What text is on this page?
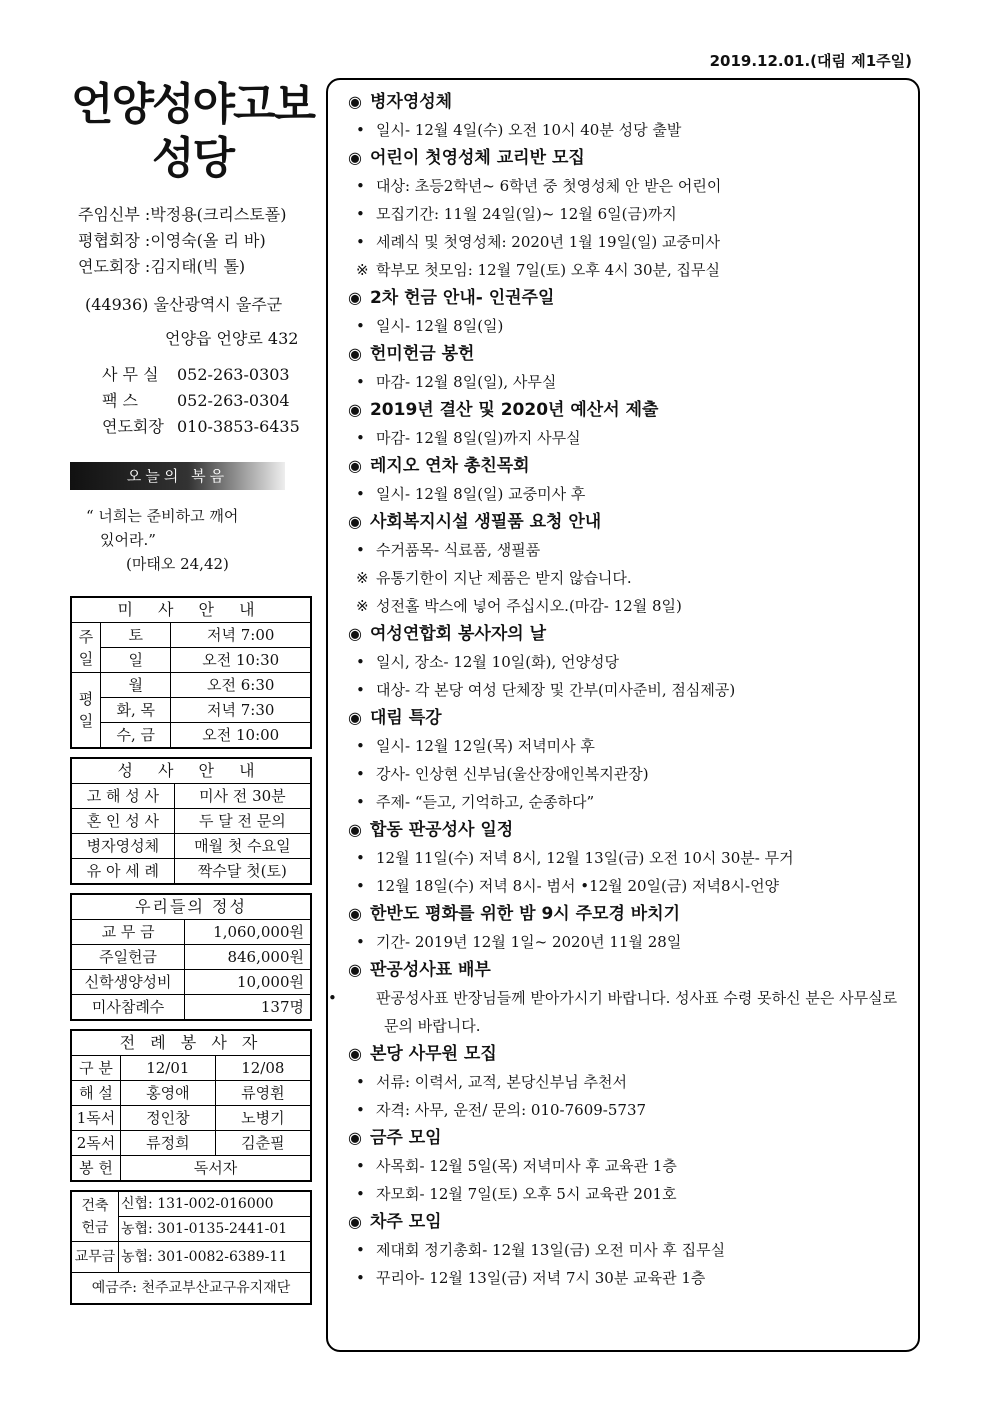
2019.12.01.(대림 제1주일)
언양성야고보
성당
주임신부 :박정용(크리스토폴)
평협회장 :이영숙(올 리 바)
연도회장 :김지태(빅 톨)
(44936) 울산광역시 울주군
언양읍 언양로 432
사 무 실 052-263-0303
팩 스 052-263-0304
연도회장 010-3853-6435
오늘의 복음
“ 너희는 준비하고 깨어
있어라.”
(마태오 24,42)
미 사 안 내		
주일	토	저녁 7:00
	일	오전 10:30
평일	월	오전 6:30
	화, 목	저녁 7:30
	수, 금	오전 10:00
성 사 안 내	
고 해 성 사	미사 전 30분
혼 인 성 사	두 달 전 문의
병자영성체	매월 첫 수요일
유 아 세 례	짝수달 첫(토)
우리들의 정성	
교 무 금	1,060,000원
주일헌금	846,000원
신학생양성비	10,000원
미사참례수	137명
전 례 봉 사 자		
구 분	12/01	12/08
해 설	홍영애	류영휜
1독서	정인창	노병기
2독서	류정희	김춘필
봉 헌	독서자	
건축
헌금	신협: 131-002-016000
	농협: 301-0135-2441-01
교무금	농협: 301-0082-6389-11
예금주: 천주교부산교구유지재단	
◉ 병자영성체
• 일시- 12월 4일(수) 오전 10시 40분 성당 출발
◉ 어린이 첫영성체 교리반 모집
• 대상: 초등2학년~ 6학년 중 첫영성체 안 받은 어린이
• 모집기간: 11월 24일(일)~ 12월 6일(금)까지
• 세례식 및 첫영성체: 2020년 1월 19일(일) 교중미사
※ 학부모 첫모임: 12월 7일(토) 오후 4시 30분, 집무실
◉ 2차 헌금 안내- 인권주일
• 일시- 12월 8일(일)
◉ 헌미헌금 봉헌
• 마감- 12월 8일(일), 사무실
◉ 2019년 결산 및 2020년 예산서 제출
• 마감- 12월 8일(일)까지 사무실
◉ 레지오 연차 총친목회
• 일시- 12월 8일(일) 교중미사 후
◉ 사회복지시설 생필품 요청 안내
• 수거품목- 식료품, 생필품
※ 유통기한이 지난 제품은 받지 않습니다.
※ 성전홀 박스에 넣어 주십시오.(마감- 12월 8일)
◉ 여성연합회 봉사자의 날
• 일시, 장소- 12월 10일(화), 언양성당
• 대상- 각 본당 여성 단체장 및 간부(미사준비, 점심제공)
◉ 대림 특강
• 일시- 12월 12일(목) 저녁미사 후
• 강사- 인상현 신부님(울산장애인복지관장)
• 주제- “듣고, 기억하고, 순종하다”
◉ 합동 판공성사 일정
• 12월 11일(수) 저녁 8시, 12월 13일(금) 오전 10시 30분- 무거
• 12월 18일(수) 저녁 8시- 범서 •12월 20일(금) 저녁8시-언양
◉ 한반도 평화를 위한 밤 9시 주모경 바치기
• 기간- 2019년 12월 1일~ 2020년 11월 28일
◉ 판공성사표 배부
•	판공성사표 반장님들께 받아가시기 바랍니다. 성사표 수령 못하신 분은 사무실로 문의 바랍니다.
◉ 본당 사무원 모집
• 서류: 이력서, 교적, 본당신부님 추천서
• 자격: 사무, 운전/ 문의: 010-7609-5737
◉ 금주 모임
• 사목회- 12월 5일(목) 저녁미사 후 교육관 1층
• 자모회- 12월 7일(토) 오후 5시 교육관 201호
◉ 차주 모임
• 제대회 정기총회- 12월 13일(금) 오전 미사 후 집무실
• 꾸리아- 12월 13일(금) 저녁 7시 30분 교육관 1층
